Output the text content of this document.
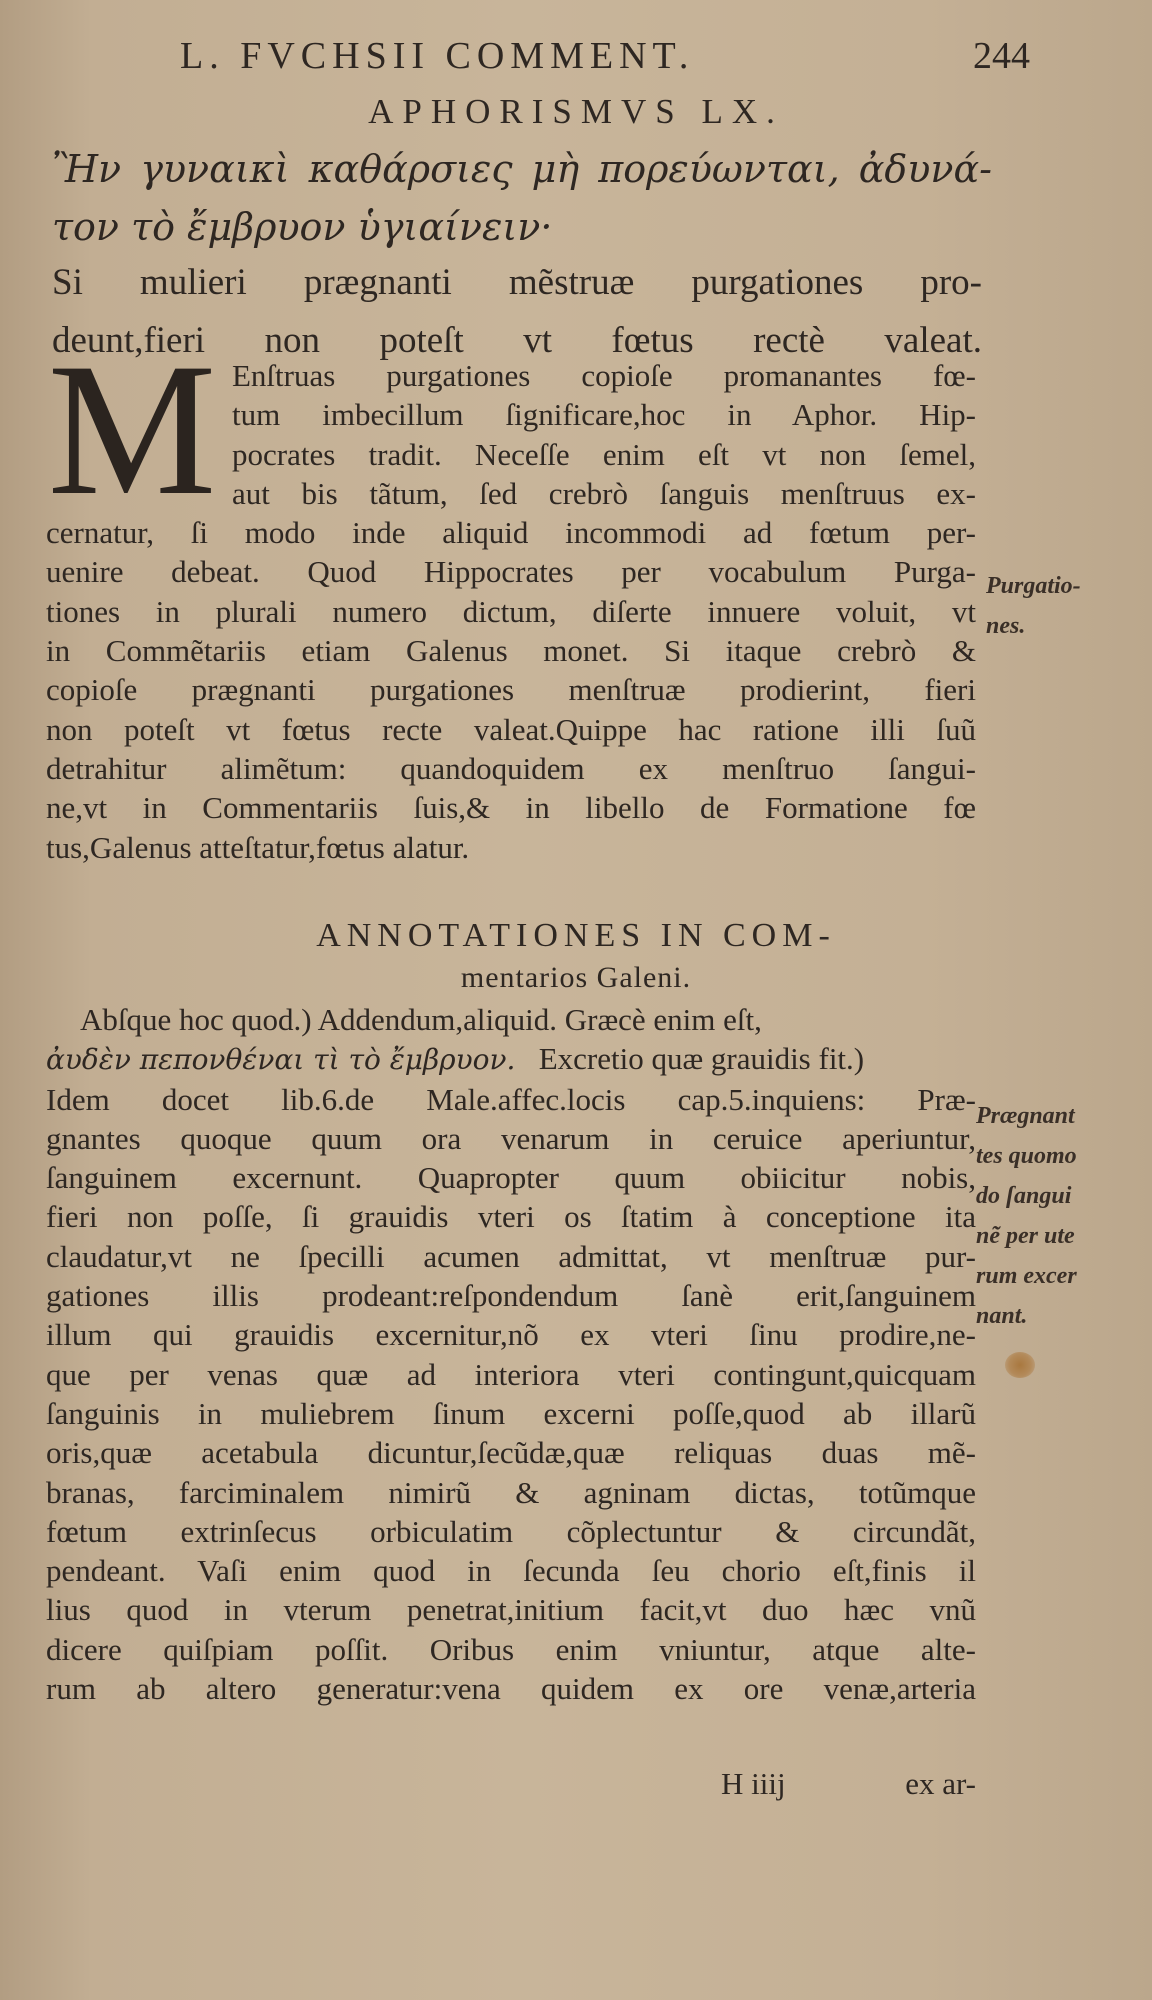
L. FVCHSII COMMENT.	244
APHORISMVS LX.
Ἢν γυναικὶ καθάρσιες μὴ πορεύωνται, ἀδυνά-
τον τὸ ἔμβρυον ὑγιαίνειν·
Si mulieri prægnanti mẽstruæ purgationes pro-
deunt,fieri non poteſt vt fœtus rectè valeat.
M Enſtruas purgationes copioſe promanantes fœ-
tum imbecillum ſignificare,hoc in Aphor. Hip-
pocrates tradit. Neceſſe enim eſt vt non ſemel,
aut bis tãtum, ſed crebrò ſanguis menſtruus ex-
cernatur, ſi modo inde aliquid incommodi ad fœtum per-
uenire debeat. Quod Hippocrates per vocabulum Purga-
tiones in plurali numero dictum, diſerte innuere voluit, vt
in Commẽtariis etiam Galenus monet. Si itaque crebrò &
copioſe prægnanti purgationes menſtruæ prodierint, fieri
non poteſt vt fœtus recte valeat.Quippe hac ratione illi ſuũ
detrahitur alimẽtum: quandoquidem ex menſtruo ſangui-
ne,vt in Commentariis ſuis,& in libello de Formatione fœ
tus,Galenus atteſtatur,fœtus alatur.
Purgatio-
nes.
ANNOTATIONES IN COM-
mentarios Galeni.
Abſque hoc quod.) Addendum,aliquid. Græcè enim eſt,
ἀυδὲν πεπονθέναι τὶ τὸ ἔμβρυον. Excretio quæ grauidis fit.)
Idem docet lib.6.de Male.affec.locis cap.5.inquiens: Præ-
gnantes quoque quum ora venarum in ceruice aperiuntur,
ſanguinem excernunt. Quapropter quum obiicitur nobis,
fieri non poſſe, ſi grauidis vteri os ſtatim à conceptione ita
claudatur,vt ne ſpecilli acumen admittat, vt menſtruæ pur-
gationes illis prodeant:reſpondendum ſanè erit,ſanguinem
illum qui grauidis excernitur,nõ ex vteri ſinu prodire,ne-
que per venas quæ ad interiora vteri contingunt,quicquam
ſanguinis in muliebrem ſinum excerni poſſe,quod ab illarũ
oris,quæ acetabula dicuntur,ſecũdæ,quæ reliquas duas mẽ-
branas, farciminalem nimirũ & agninam dictas, totũmque
fœtum extrinſecus orbiculatim cõplectuntur & circundãt,
pendeant. Vaſi enim quod in ſecunda ſeu chorio eſt,finis il
lius quod in vterum penetrat,initium facit,vt duo hæc vnũ
dicere quiſpiam poſſit. Oribus enim vniuntur, atque alte-
rum ab altero generatur:vena quidem ex ore venæ,arteria
Prægnant
tes quomo
do ſangui
nẽ per ute
rum excer
nant.
H iiij	ex ar-
